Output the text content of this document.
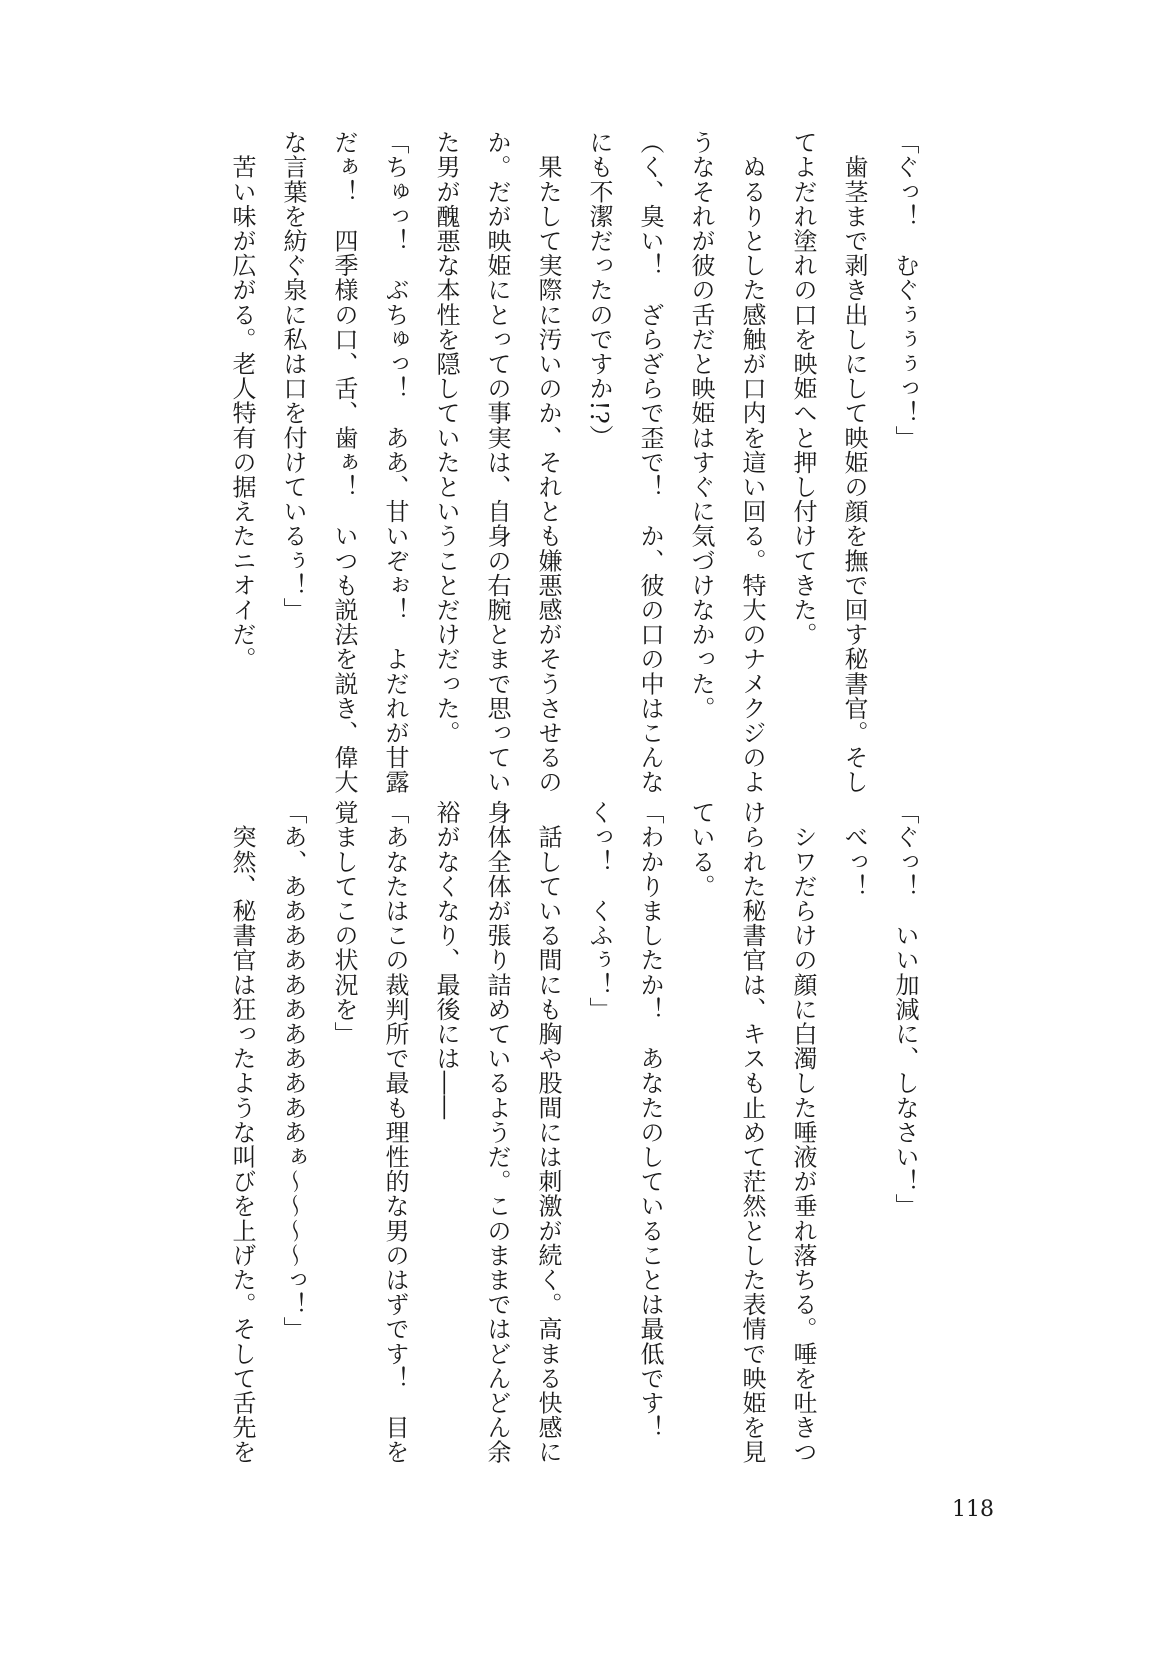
「ぐっ！　むぐぅぅぅっ！」
　歯茎まで剥き出しにして映姫の顔を撫で回す秘書官。そし
てよだれ塗れの口を映姫へと押し付けてきた。
　ぬるりとした感触が口内を這い回る。特大のナメクジのよ
うなそれが彼の舌だと映姫はすぐに気づけなかった。
（く、臭い！　ざらざらで歪で！　か、彼の口の中はこんな
にも不潔だったのですか!?）
　果たして実際に汚いのか、それとも嫌悪感がそうさせるの
か。だが映姫にとっての事実は、自身の右腕とまで思ってい
た男が醜悪な本性を隠していたということだけだった。
「ちゅっ！　ぶちゅっ！　ああ、甘いぞぉ！　よだれが甘露
だぁ！　四季様の口、舌、歯ぁ！　いつも説法を説き、偉大
な言葉を紡ぐ泉に私は口を付けているぅ！」
　苦い味が広がる。老人特有の据えたニオイだ。
「ぐっ！　いい加減に、しなさい！」
　べっ！
　シワだらけの顔に白濁した唾液が垂れ落ちる。唾を吐きつ
けられた秘書官は、キスも止めて茫然とした表情で映姫を見
ている。
「わかりましたか！　あなたのしていることは最低です！
くっ！　くふぅ！」
　話している間にも胸や股間には刺激が続く。高まる快感に
身体全体が張り詰めているようだ。このままではどんどん余
裕がなくなり、最後には――
「あなたはこの裁判所で最も理性的な男のはずです！　目を
覚ましてこの状況を」
「あ、あああああああああああぁ〜〜〜〜っ！」
　突然、秘書官は狂ったような叫びを上げた。そして舌先を
118
